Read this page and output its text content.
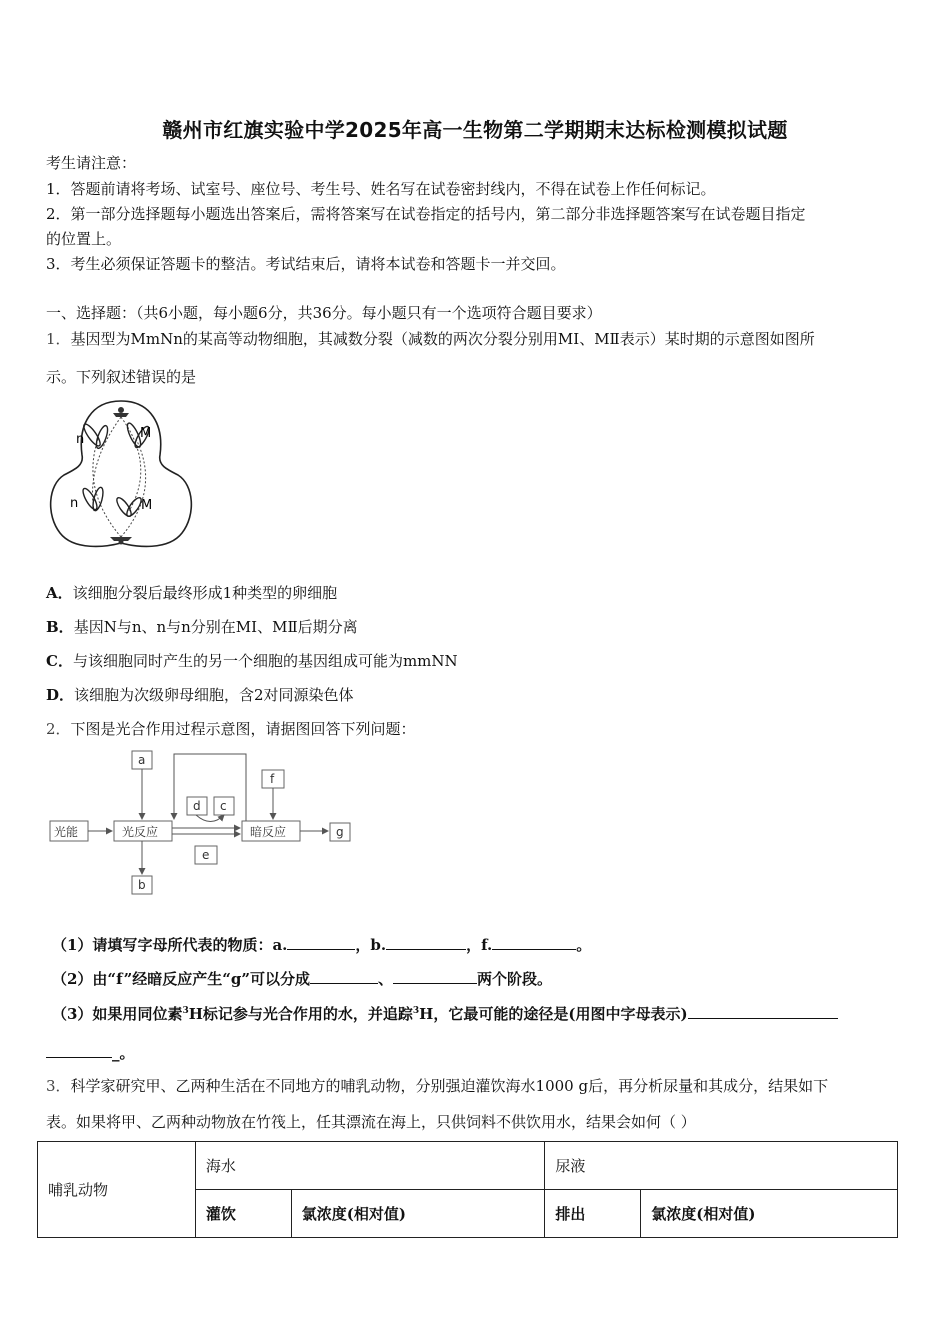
赣州市红旗实验中学2025年高一生物第二学期期末达标检测模拟试题
考生请注意：
1．答题前请将考场、试室号、座位号、考生号、姓名写在试卷密封线内，不得在试卷上作任何标记。
2．第一部分选择题每小题选出答案后，需将答案写在试卷指定的括号内，第二部分非选择题答案写在试卷题目指定
的位置上。
3．考生必须保证答题卡的整洁。考试结束后，请将本试卷和答题卡一并交回。
一、选择题：（共6小题，每小题6分，共36分。每小题只有一个选项符合题目要求）
1．基因型为MmNn的某高等动物细胞，其减数分裂（减数的两次分裂分别用MⅠ、MⅡ表示）某时期的示意图如图所
示。下列叙述错误的是
n	M
n	M
A．该细胞分裂后最终形成1种类型的卵细胞
B．基因N与n、n与n分别在MⅠ、MⅡ后期分离
C．与该细胞同时产生的另一个细胞的基因组成可能为mmNN
D．该细胞为次级卵母细胞，含2对同源染色体
2．下图是光合作用过程示意图，请据图回答下列问题：
光能	光反应	暗反应
a
b
d c
e
f
g
（1）请填写字母所代表的物质：a.	，b.	，f.	。
（2）由“f”经暗反应产生“g”可以分成	、	两个阶段。
（3）如果用同位素$^3$H标记参与光合作用的水，并追踪$^3$H，它最可能的途径是(用图中字母表示)
_。
3．科学家研究甲、乙两种生活在不同地方的哺乳动物，分别强迫灌饮海水1000 g后，再分析尿量和其成分，结果如下
表。如果将甲、乙两种动物放在竹筏上，任其漂流在海上，只供饲料不供饮用水，结果会如何（ ）
哺乳动物	海水		尿液	
	灌饮	氯浓度(相对值)	排出	氯浓度(相对值)
